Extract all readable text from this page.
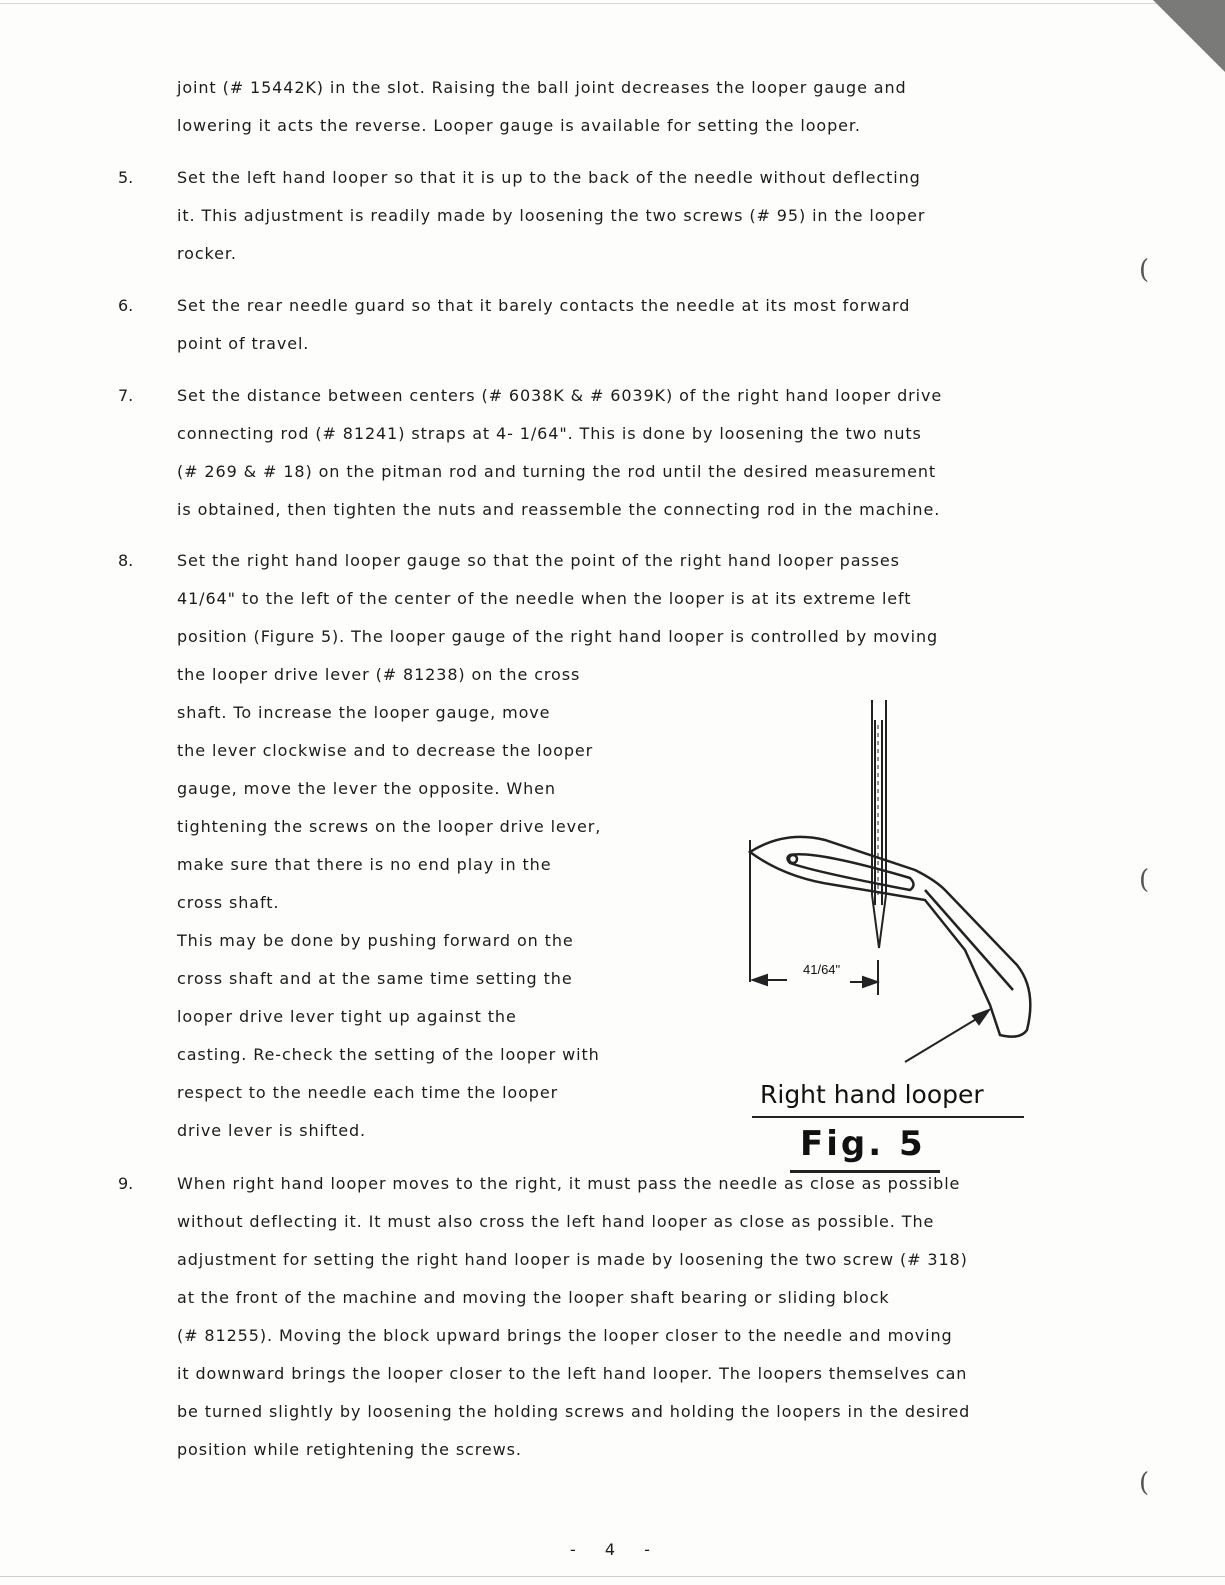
(
(
(
joint (# 15442K) in the slot. Raising the ball joint decreases the looper gauge and
lowering it acts the reverse. Looper gauge is available for setting the looper.
5.	Set the left hand looper so that it is up to the back of the needle without deflecting
it. This adjustment is readily made by loosening the two screws (# 95) in the looper
rocker.
6.	Set the rear needle guard so that it barely contacts the needle at its most forward
point of travel.
7.	Set the distance between centers (# 6038K & # 6039K) of the right hand looper drive
connecting rod (# 81241) straps at 4- 1/64". This is done by loosening the two nuts
(# 269 & # 18) on the pitman rod and turning the rod until the desired measurement
is obtained, then tighten the nuts and reassemble the connecting rod in the machine.
8.	Set the right hand looper gauge so that the point of the right hand looper passes
41/64" to the left of the center of the needle when the looper is at its extreme left
position (Figure 5). The looper gauge of the right hand looper is controlled by moving
the looper drive lever (# 81238) on the cross
shaft. To increase the looper gauge, move
the lever clockwise and to decrease the looper
gauge, move the lever the opposite. When
tightening the screws on the looper drive lever,
make sure that there is no end play in the
cross shaft.
This may be done by pushing forward on the
cross shaft and at the same time setting the
looper drive lever tight up against the
casting. Re-check the setting of the looper with
respect to the needle each time the looper
drive lever is shifted.
41/64"
Right hand looper
Fig. 5
9.	When right hand looper moves to the right, it must pass the needle as close as possible
without deflecting it. It must also cross the left hand looper as close as possible. The
adjustment for setting the right hand looper is made by loosening the two screw (# 318)
at the front of the machine and moving the looper shaft bearing or sliding block
(# 81255). Moving the block upward brings the looper closer to the needle and moving
it downward brings the looper closer to the left hand looper. The loopers themselves can
be turned slightly by loosening the holding screws and holding the loopers in the desired
position while retightening the screws.
- 4 -
